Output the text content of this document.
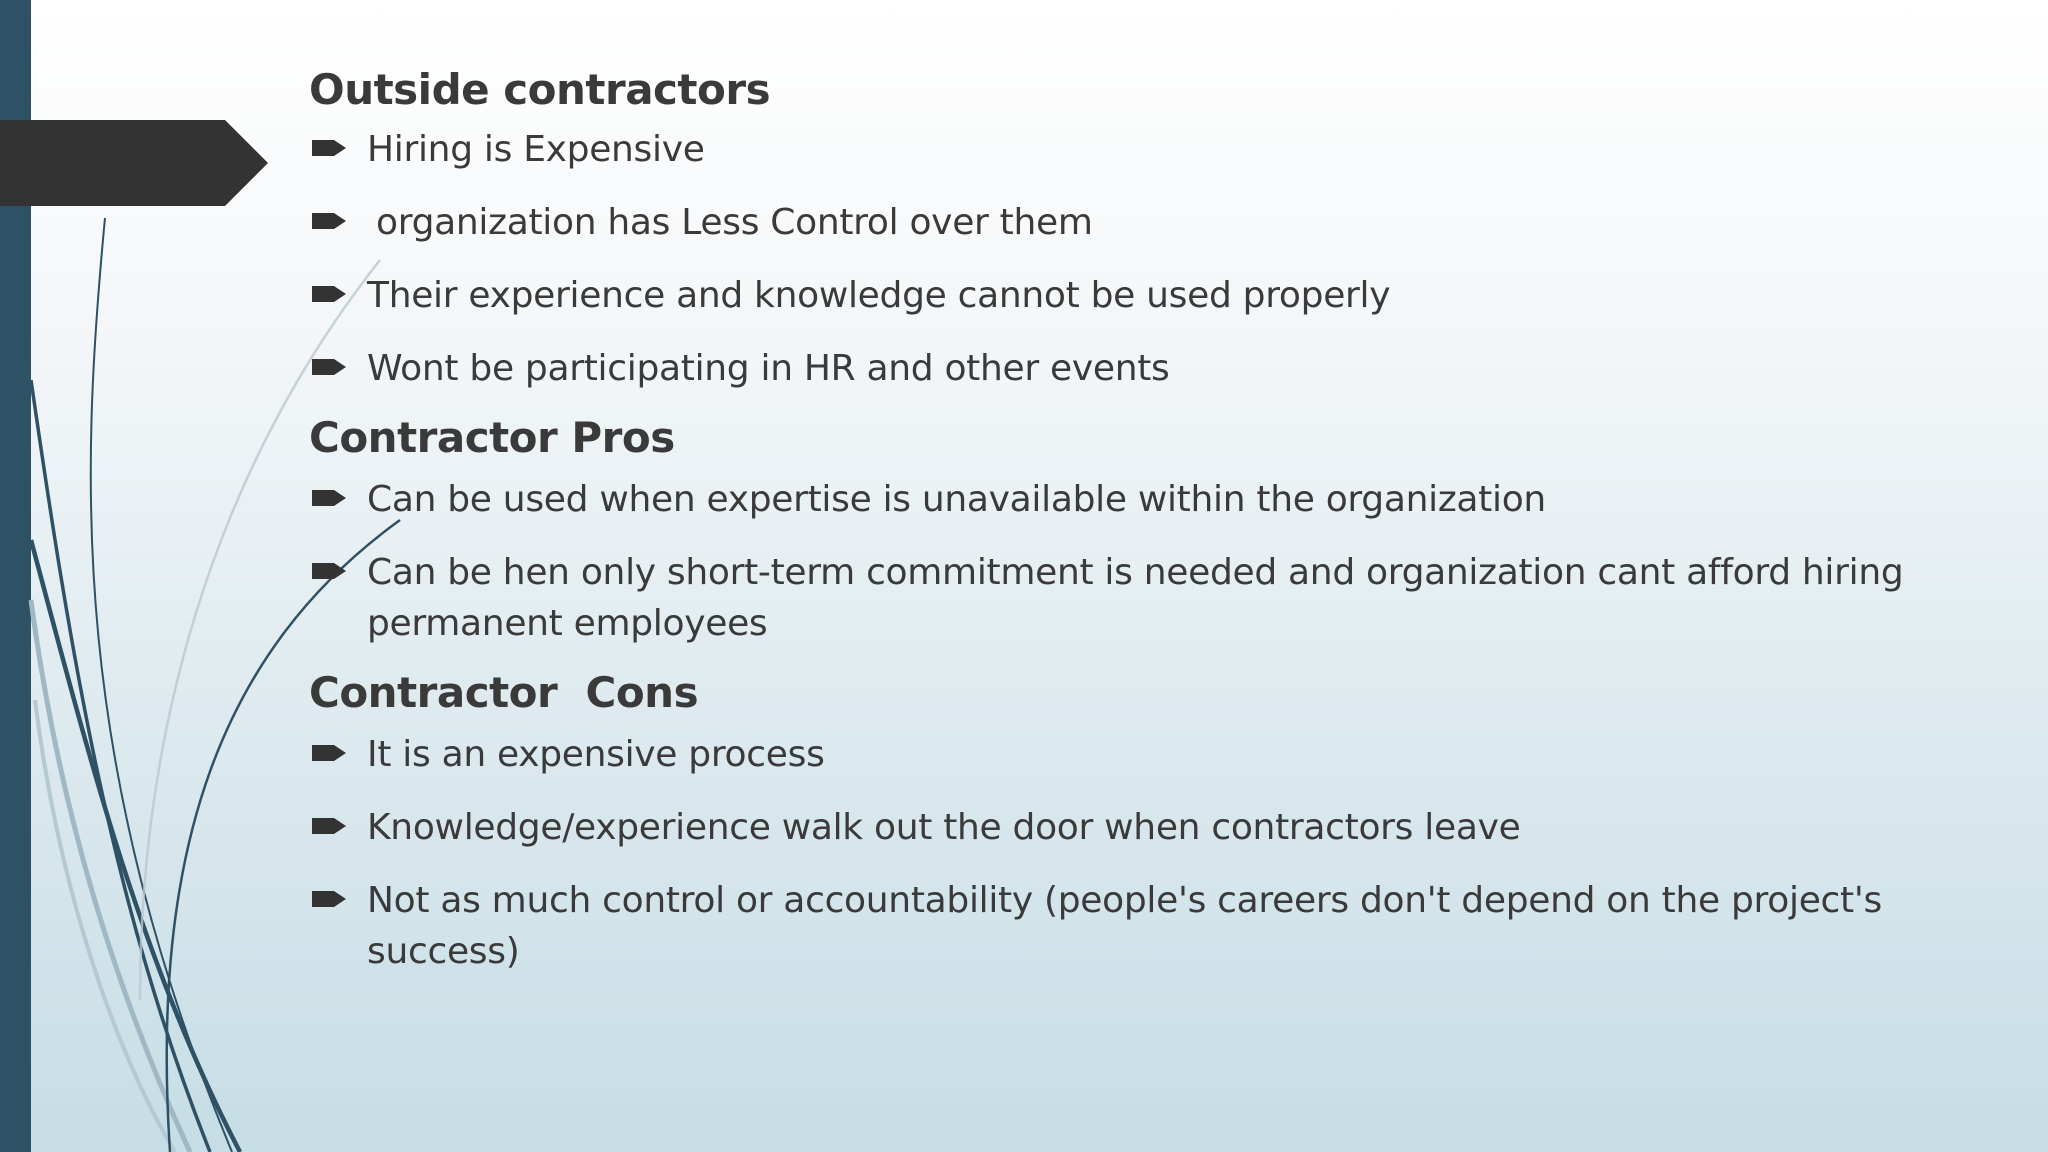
Outside contractors
Hiring is Expensive
organization has Less Control over them
Their experience and knowledge cannot be used properly
Wont be participating in HR and other events
Contractor Pros
Can be used when expertise is unavailable within the organization
Can be hen only short-term commitment is needed and organization cant afford hiring permanent employees
Contractor  Cons
It is an expensive process
Knowledge/experience walk out the door when contractors leave
Not as much control or accountability (people's careers don't depend on the project's success)
